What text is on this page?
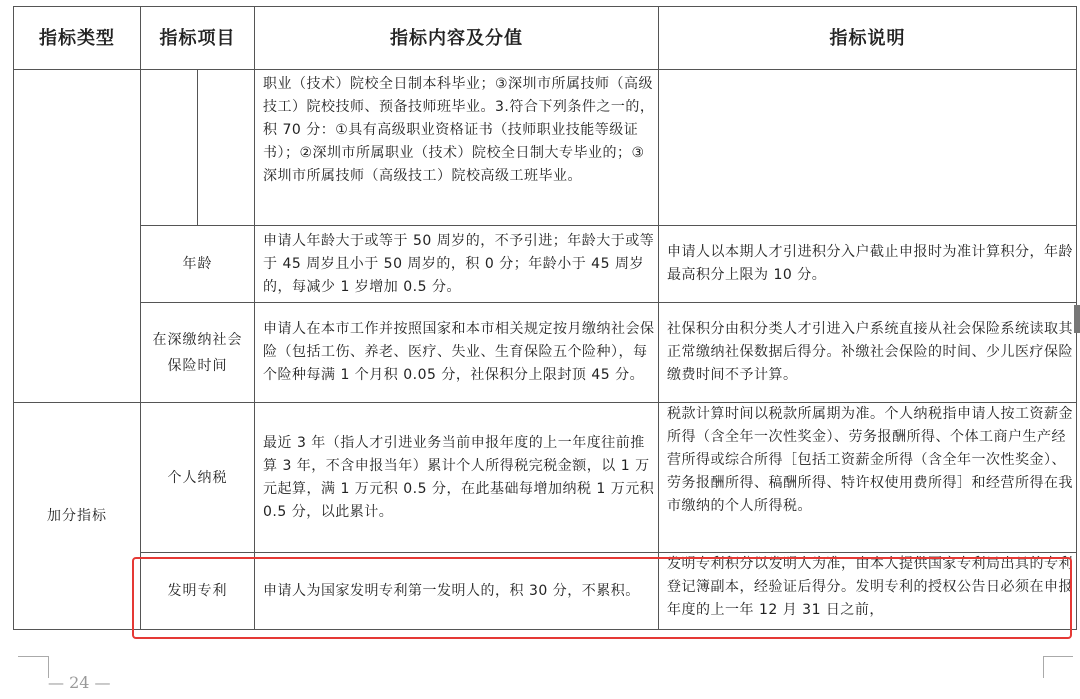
指标类型	指标项目	指标内容及分值	指标说明

		职业（技术）院校全日制本科毕业；③深圳市所属技师（高级技工）院校技师、预备技师班毕业。3.符合下列条件之一的，积 70 分：①具有高级职业资格证书（技师职业技能等级证书）；②深圳市所属职业（技术）院校全日制大专毕业的；③深圳市所属技师（高级技工）院校高级工班毕业。	

	年龄	申请人年龄大于或等于 50 周岁的，不予引进；年龄大于或等于 45 周岁且小于 50 周岁的，积 0 分；年龄小于 45 周岁的，每减少 1 岁增加 0.5 分。	申请人以本期人才引进积分入户截止申报时为准计算积分，年龄最高积分上限为 10 分。

	在深缴纳社会保险时间	申请人在本市工作并按照国家和本市相关规定按月缴纳社会保险（包括工伤、养老、医疗、失业、生育保险五个险种），每个险种每满 1 个月积 0.05 分，社保积分上限封顶 45 分。	社保积分由积分类人才引进入户系统直接从社会保险系统读取其正常缴纳社保数据后得分。补缴社会保险的时间、少儿医疗保险缴费时间不予计算。

加分指标	个人纳税	最近 3 年（指人才引进业务当前申报年度的上一年度往前推算 3 年，不含申报当年）累计个人所得税完税金额，以 1 万元起算，满 1 万元积 0.5 分，在此基础每增加纳税 1 万元积 0.5 分，以此累计。	税款计算时间以税款所属期为准。个人纳税指申请人按工资薪金所得（含全年一次性奖金）、劳务报酬所得、个体工商户生产经营所得或综合所得［包括工资薪金所得（含全年一次性奖金）、劳务报酬所得、稿酬所得、特许权使用费所得］和经营所得在我市缴纳的个人所得税。

	发明专利	申请人为国家发明专利第一发明人的，积 30 分，不累积。	发明专利积分以发明人为准，由本人提供国家专利局出具的专利登记簿副本，经验证后得分。发明专利的授权公告日必须在申报年度的上一年 12 月 31 日之前，
— 24 —
